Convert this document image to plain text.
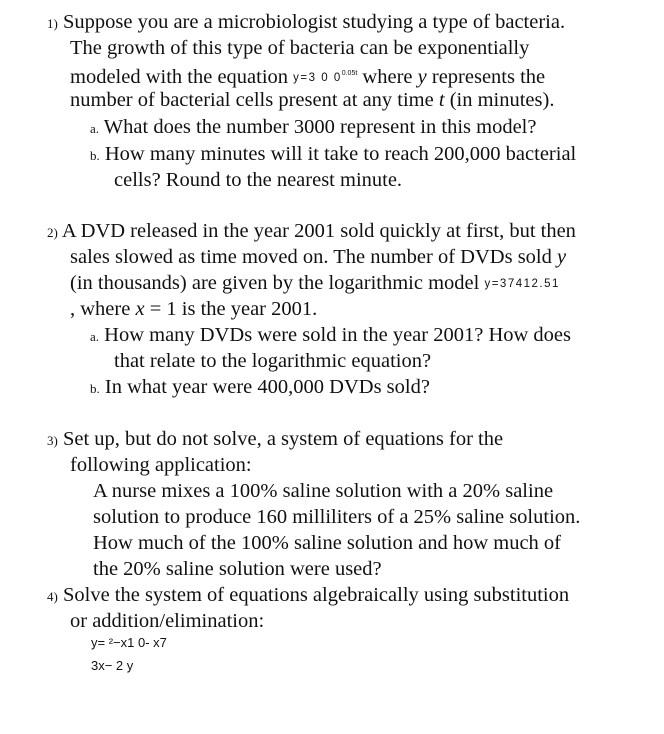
1) Suppose you are a microbiologist studying a type of bacteria.
The growth of this type of bacteria can be exponentially
modeled with the equation y=3 0 $0^{0.05t}$ where y represents the
number of bacterial cells present at any time t (in minutes).
a. What does the number 3000 represent in this model?
b. How many minutes will it take to reach 200,000 bacterial
cells? Round to the nearest minute.
2) A DVD released in the year 2001 sold quickly at first, but then
sales slowed as time moved on. The number of DVDs sold y
(in thousands) are given by the logarithmic model y=37412.51
, where x = 1 is the year 2001.
a. How many DVDs were sold in the year 2001? How does
that relate to the logarithmic equation?
b. In what year were 400,000 DVDs sold?
3) Set up, but do not solve, a system of equations for the
following application:
A nurse mixes a 100% saline solution with a 20% saline
solution to produce 160 milliliters of a 25% saline solution.
How much of the 100% saline solution and how much of
the 20% saline solution were used?
4) Solve the system of equations algebraically using substitution
or addition/elimination:
y= ²−x1 0- x7
3x− 2 y
